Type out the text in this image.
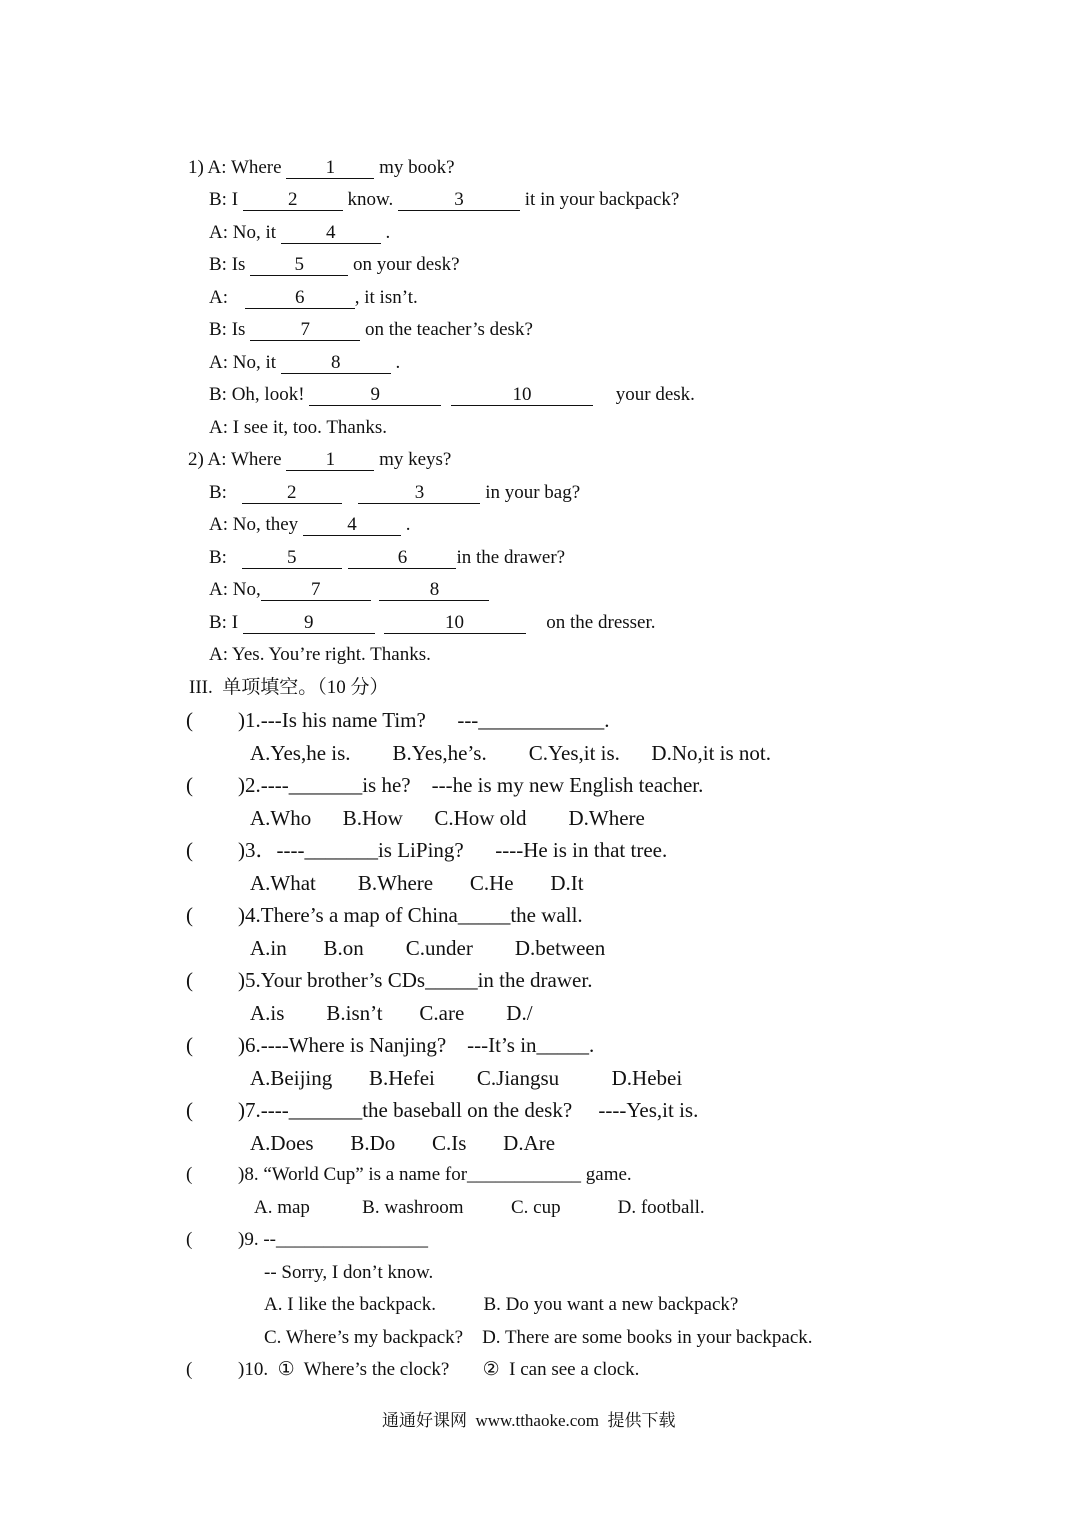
1) A: Where 1 my book?
B: I 2 know.	3	it in your backpack?
A: No, it 4 .
B: Is 5 on your desk?
A:	6	, it isn’t.
B: Is	7	on the teacher’s desk?
A: No, it	8	.
B: Oh, look!	9	10	your desk.
A: I see it, too. Thanks.
2) A: Where 1 my keys?
B:	2	3	in your bag?
A: No, they 4 .
B:	5	6	in the drawer?
A: No,	7	8
B: I	9	10	on the dresser.
A: Yes. You’re right. Thanks.
III.  单项填空。（10 分）
( )1.---Is his name Tim?      ---____________.
A.Yes,he is.        B.Yes,he’s.        C.Yes,it is.      D.No,it is not.
( )2.----_______is he?    ---he is my new English teacher.
A.Who      B.How      C.How old        D.Where
( )3．----_______is LiPing?      ----He is in that tree.
A.What        B.Where       C.He       D.It
( )4.There’s a map of China_____the wall.
A.in       B.on        C.under        D.between
( )5.Your brother’s CDs_____in the drawer.
A.is        B.isn’t       C.are        D./
( )6.----Where is Nanjing?    ---It’s in_____.
A.Beijing       B.Hefei        C.Jiangsu          D.Hebei
( )7.----_______the baseball on the desk?     ----Yes,it is.
A.Does       B.Do       C.Is       D.Are
( )8. “World Cup” is a name for____________ game.
A. map           B. washroom          C. cup            D. football.
( )9. --________________
-- Sorry, I don’t know.
A. I like the backpack.          B. Do you want a new backpack?
C. Where’s my backpack?    D. There are some books in your backpack.
( )10.  ①  Where’s the clock?       ②  I can see a clock.
通通好课网  www.tthaoke.com  提供下载
